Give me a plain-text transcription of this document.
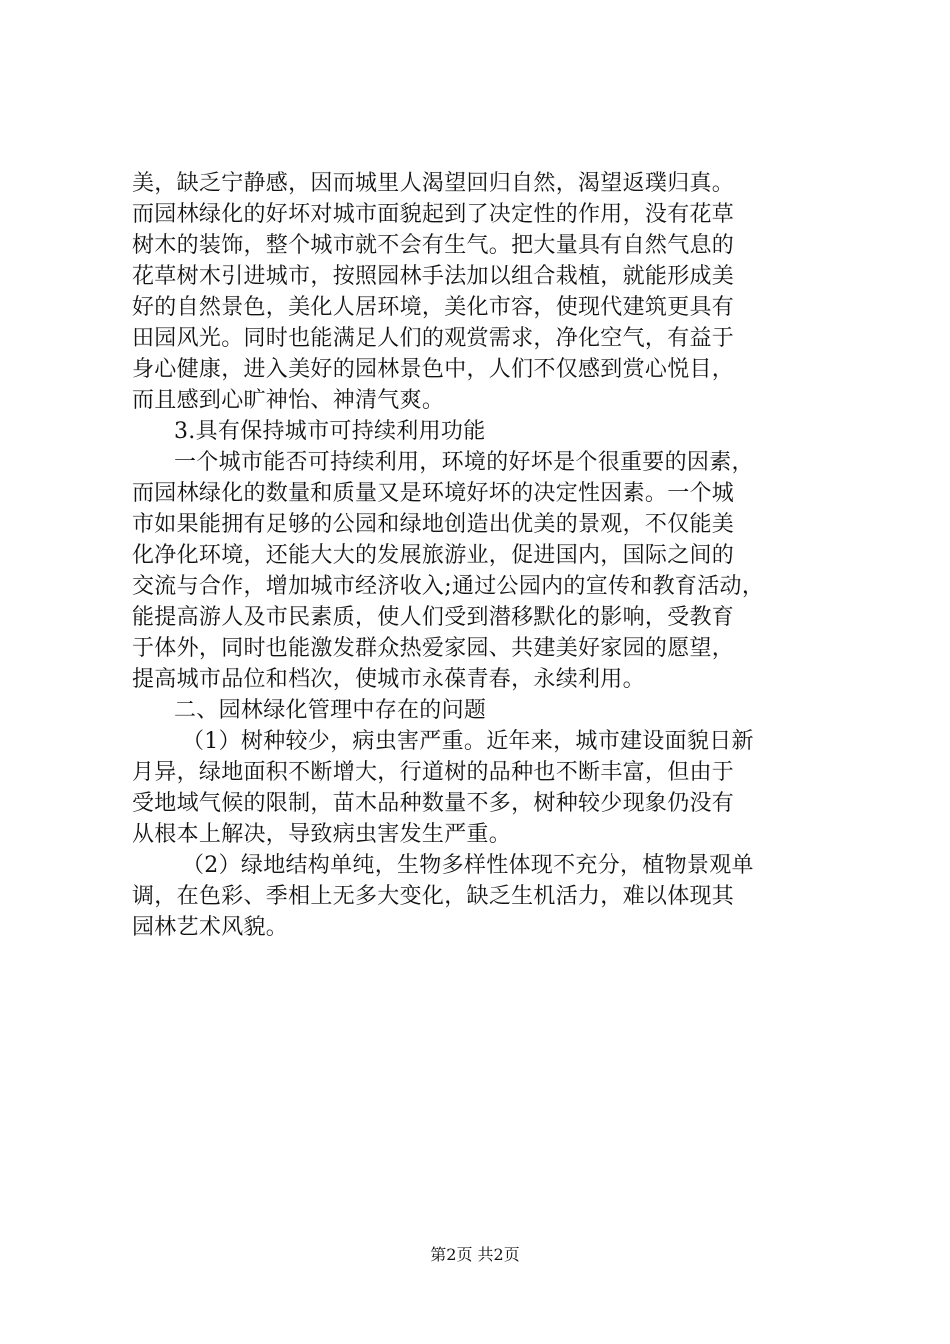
美，缺乏宁静感，因而城里人渴望回归自然，渴望返璞归真。
而园林绿化的好坏对城市面貌起到了决定性的作用，没有花草
树木的装饰，整个城市就不会有生气。把大量具有自然气息的
花草树木引进城市，按照园林手法加以组合栽植，就能形成美
好的自然景色，美化人居环境，美化市容，使现代建筑更具有
田园风光。同时也能满足人们的观赏需求，净化空气，有益于
身心健康，进入美好的园林景色中，人们不仅感到赏心悦目，
而且感到心旷神怡、神清气爽。
3.具有保持城市可持续利用功能
一个城市能否可持续利用，环境的好坏是个很重要的因素，
而园林绿化的数量和质量又是环境好坏的决定性因素。一个城
市如果能拥有足够的公园和绿地创造出优美的景观，不仅能美
化净化环境，还能大大的发展旅游业，促进国内，国际之间的
交流与合作，增加城市经济收入;通过公园内的宣传和教育活动，
能提高游人及市民素质，使人们受到潜移默化的影响，受教育
于体外，同时也能激发群众热爱家园、共建美好家园的愿望，
提高城市品位和档次，使城市永葆青春，永续利用。
二、园林绿化管理中存在的问题
（1）树种较少，病虫害严重。近年来，城市建设面貌日新
月异，绿地面积不断增大，行道树的品种也不断丰富，但由于
受地域气候的限制，苗木品种数量不多，树种较少现象仍没有
从根本上解决，导致病虫害发生严重。
（2）绿地结构单纯，生物多样性体现不充分，植物景观单
调，在色彩、季相上无多大变化，缺乏生机活力，难以体现其
园林艺术风貌。
第2页 共2页
